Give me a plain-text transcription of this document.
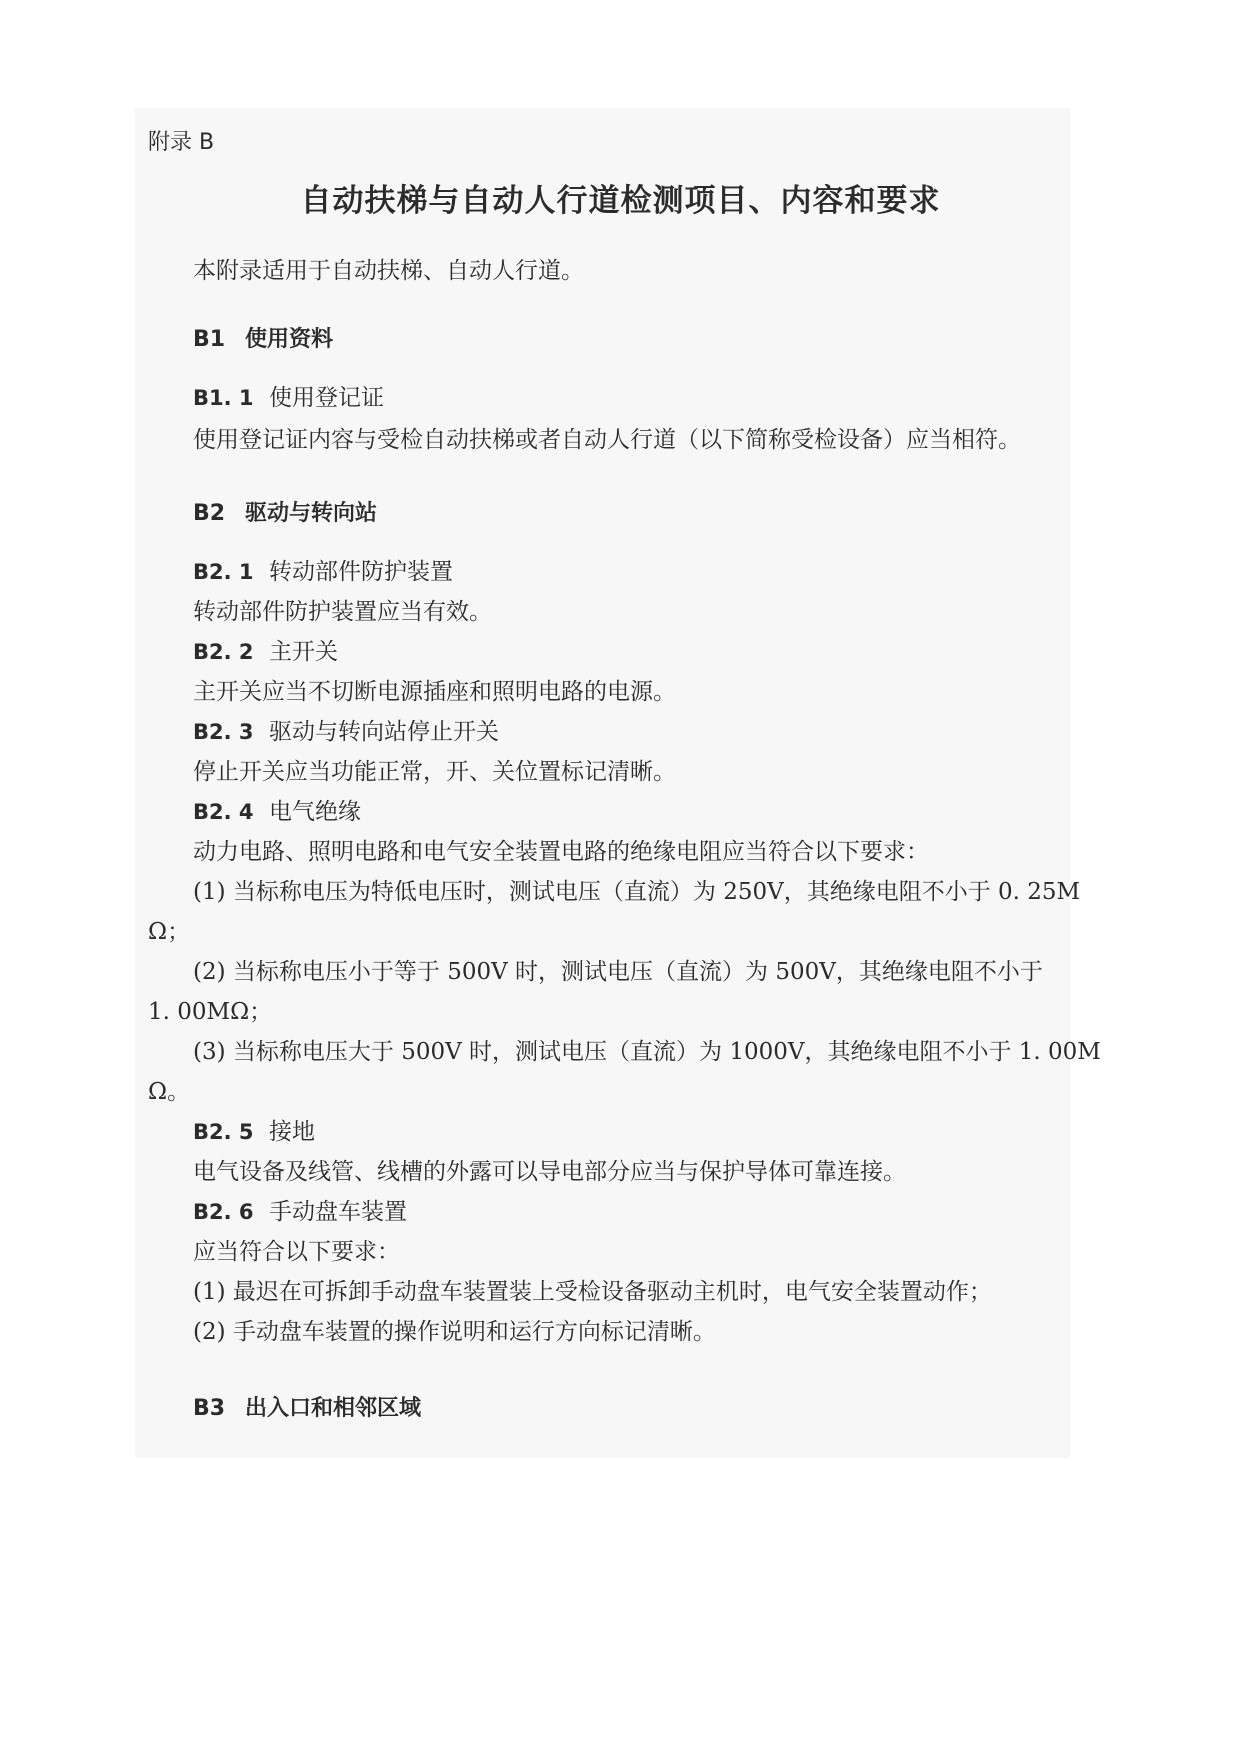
附录 B
自动扶梯与自动人行道检测项目、内容和要求
本附录适用于自动扶梯、自动人行道。
B1 使用资料
B1. 1 使用登记证
使用登记证内容与受检自动扶梯或者自动人行道（以下简称受检设备）应当相符。
B2 驱动与转向站
B2. 1 转动部件防护装置
转动部件防护装置应当有效。
B2. 2 主开关
主开关应当不切断电源插座和照明电路的电源。
B2. 3 驱动与转向站停止开关
停止开关应当功能正常，开、关位置标记清晰。
B2. 4 电气绝缘
动力电路、照明电路和电气安全装置电路的绝缘电阻应当符合以下要求：
(1) 当标称电压为特低电压时，测试电压（直流）为 250V，其绝缘电阻不小于 0. 25M
Ω；
(2) 当标称电压小于等于 500V 时，测试电压（直流）为 500V，其绝缘电阻不小于
1. 00MΩ；
(3) 当标称电压大于 500V 时，测试电压（直流）为 1000V，其绝缘电阻不小于 1. 00M
Ω。
B2. 5 接地
电气设备及线管、线槽的外露可以导电部分应当与保护导体可靠连接。
B2. 6 手动盘车装置
应当符合以下要求：
(1) 最迟在可拆卸手动盘车装置装上受检设备驱动主机时，电气安全装置动作；
(2) 手动盘车装置的操作说明和运行方向标记清晰。
B3 出入口和相邻区域
